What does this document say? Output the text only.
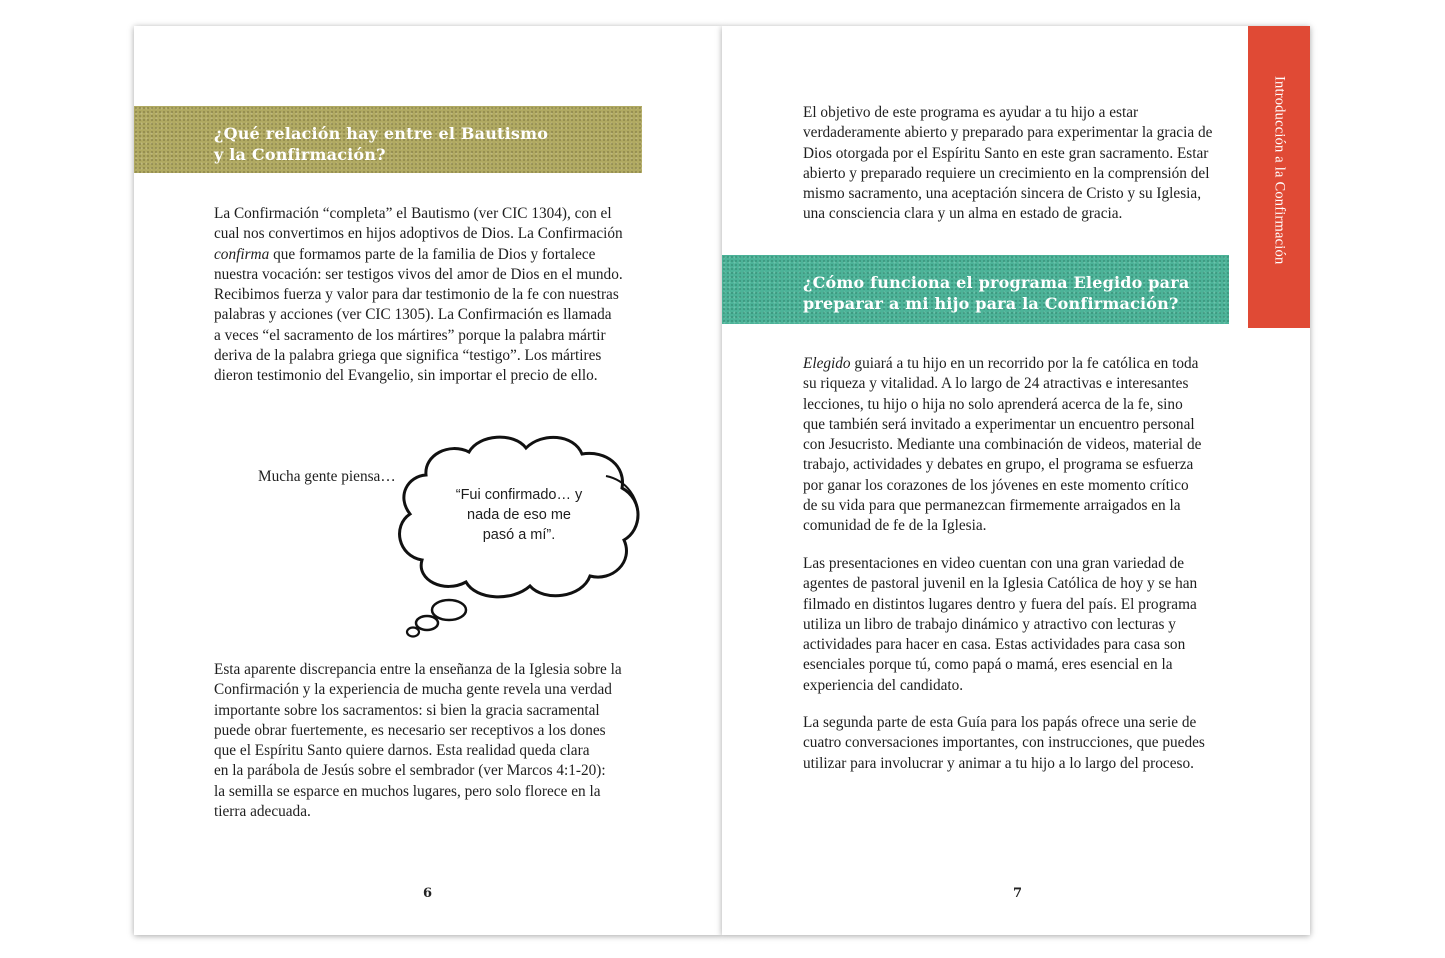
¿Qué relación hay entre el Bautismo
y la Confirmación?
La Confirmación “completa” el Bautismo (ver CIC 1304), con el
cual nos convertimos en hijos adoptivos de Dios. La Confirmación
confirma que formamos parte de la familia de Dios y fortalece
nuestra vocación: ser testigos vivos del amor de Dios en el mundo.
Recibimos fuerza y valor para dar testimonio de la fe con nuestras
palabras y acciones (ver CIC 1305). La Confirmación es llamada
a veces “el sacramento de los mártires” porque la palabra mártir
deriva de la palabra griega que significa “testigo”. Los mártires
dieron testimonio del Evangelio, sin importar el precio de ello.
Mucha gente piensa…
“Fui confirmado… y
nada de eso me
pasó a mí”.
Esta aparente discrepancia entre la enseñanza de la Iglesia sobre la
Confirmación y la experiencia de mucha gente revela una verdad
importante sobre los sacramentos: si bien la gracia sacramental
puede obrar fuertemente, es necesario ser receptivos a los dones
que el Espíritu Santo quiere darnos. Esta realidad queda clara
en la parábola de Jesús sobre el sembrador (ver Marcos 4:1-20):
la semilla se esparce en muchos lugares, pero solo florece en la
tierra adecuada.
6
El objetivo de este programa es ayudar a tu hijo a estar
verdaderamente abierto y preparado para experimentar la gracia de
Dios otorgada por el Espíritu Santo en este gran sacramento. Estar
abierto y preparado requiere un crecimiento en la comprensión del
mismo sacramento, una aceptación sincera de Cristo y su Iglesia,
una consciencia clara y un alma en estado de gracia.
¿Cómo funciona el programa Elegido para
preparar a mi hijo para la Confirmación?
Elegido guiará a tu hijo en un recorrido por la fe católica en toda
su riqueza y vitalidad. A lo largo de 24 atractivas e interesantes
lecciones, tu hijo o hija no solo aprenderá acerca de la fe, sino
que también será invitado a experimentar un encuentro personal
con Jesucristo. Mediante una combinación de videos, material de
trabajo, actividades y debates en grupo, el programa se esfuerza
por ganar los corazones de los jóvenes en este momento crítico
de su vida para que permanezcan firmemente arraigados en la
comunidad de fe de la Iglesia.
Las presentaciones en video cuentan con una gran variedad de
agentes de pastoral juvenil en la Iglesia Católica de hoy y se han
filmado en distintos lugares dentro y fuera del país. El programa
utiliza un libro de trabajo dinámico y atractivo con lecturas y
actividades para hacer en casa. Estas actividades para casa son
esenciales porque tú, como papá o mamá, eres esencial en la
experiencia del candidato.
La segunda parte de esta Guía para los papás ofrece una serie de
cuatro conversaciones importantes, con instrucciones, que puedes
utilizar para involucrar y animar a tu hijo a lo largo del proceso.
Introducción a la Confirmación
7
